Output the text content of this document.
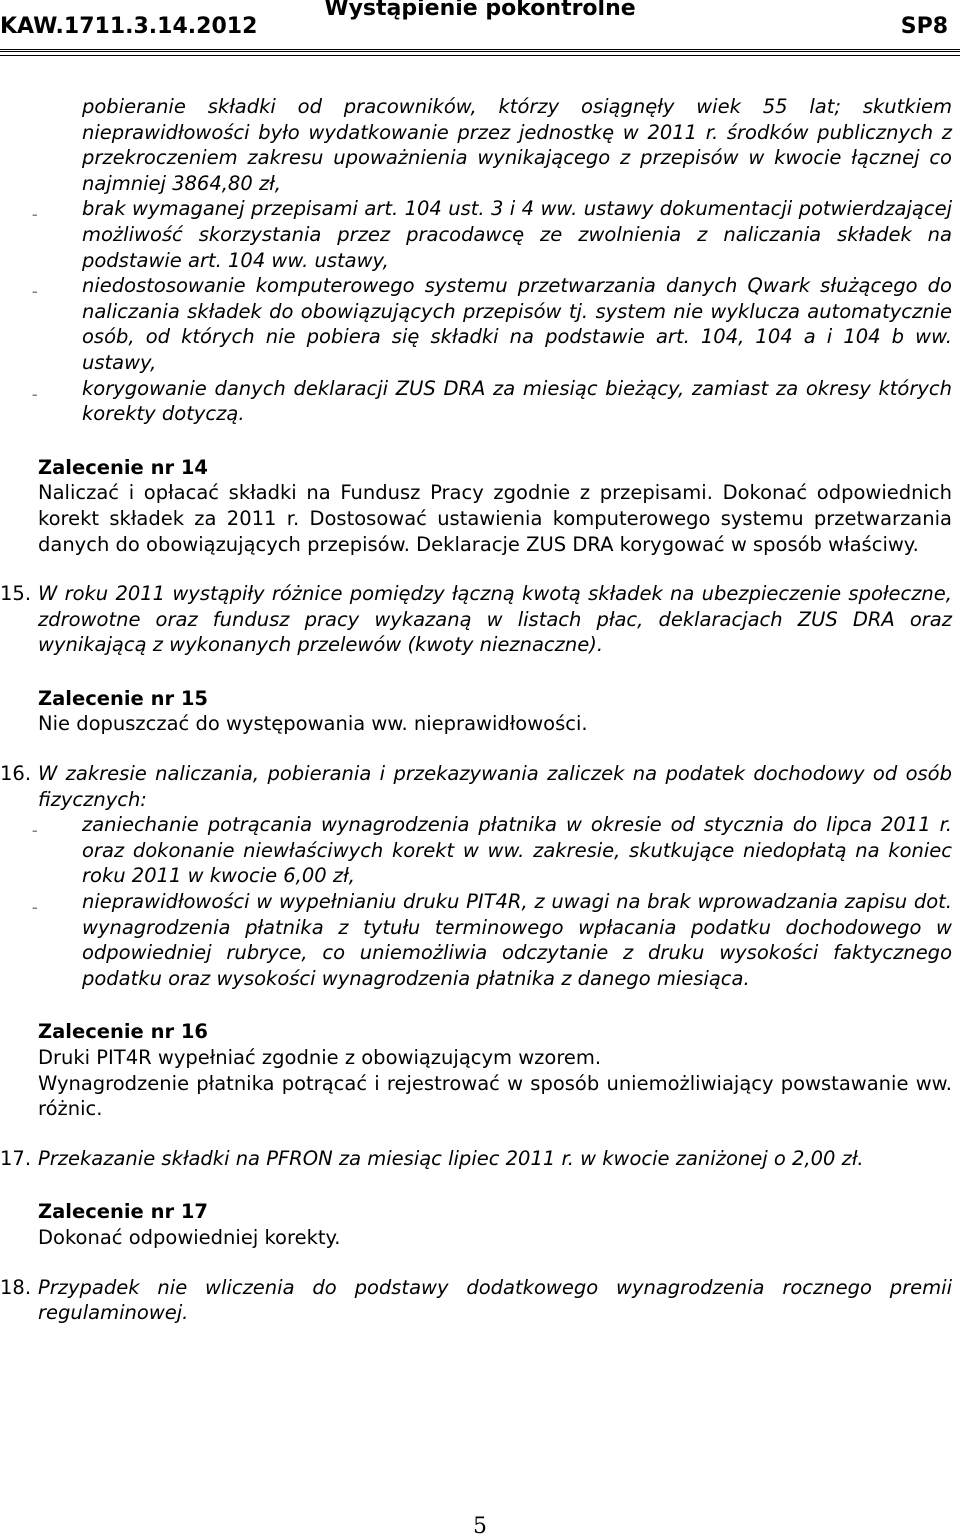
KAW.1711.3.14.2012
Wystąpienie pokontrolne
SP8

pobieranie składki od pracowników, którzy osiągnęły wiek 55 lat; skutkiem nieprawidłowości było wydatkowanie przez jednostkę w 2011 r. środków publicznych z przekroczeniem zakresu upoważnienia wynikającego z przepisów w kwocie łącznej co najmniej 3864,80 zł,

– brak wymaganej przepisami art. 104 ust. 3 i 4 ww. ustawy dokumentacji potwierdzającej możliwość skorzystania przez pracodawcę ze zwolnienia z naliczania składek na podstawie art. 104 ww. ustawy,

– niedostosowanie komputerowego systemu przetwarzania danych Qwark służącego do naliczania składek do obowiązujących przepisów tj. system nie wyklucza automatycznie osób, od których nie pobiera się składki na podstawie art. 104, 104 a i 104 b ww. ustawy,

– korygowanie danych deklaracji ZUS DRA za miesiąc bieżący, zamiast za okresy których korekty dotyczą.

Zalecenie nr 14

Naliczać i opłacać składki na Fundusz Pracy zgodnie z przepisami. Dokonać odpowiednich korekt składek za 2011 r. Dostosować ustawienia komputerowego systemu przetwarzania danych do obowiązujących przepisów. Deklaracje ZUS DRA korygować w sposób właściwy.

15. W roku 2011 wystąpiły różnice pomiędzy łączną kwotą składek na ubezpieczenie społeczne, zdrowotne oraz fundusz pracy wykazaną w listach płac, deklaracjach ZUS DRA oraz wynikającą z wykonanych przelewów (kwoty nieznaczne).

Zalecenie nr 15

Nie dopuszczać do występowania ww. nieprawidłowości.

16. W zakresie naliczania, pobierania i przekazywania zaliczek na podatek dochodowy od osób fizycznych:

– zaniechanie potrącania wynagrodzenia płatnika w okresie od stycznia do lipca 2011 r. oraz dokonanie niewłaściwych korekt w ww. zakresie, skutkujące niedopłatą na koniec roku 2011 w kwocie 6,00 zł,

– nieprawidłowości w wypełnianiu druku PIT4R, z uwagi na brak wprowadzania zapisu dot. wynagrodzenia płatnika z tytułu terminowego wpłacania podatku dochodowego w odpowiedniej rubryce, co uniemożliwia odczytanie z druku wysokości faktycznego podatku oraz wysokości wynagrodzenia płatnika z danego miesiąca.

Zalecenie nr 16

Druki PIT4R wypełniać zgodnie z obowiązującym wzorem.

Wynagrodzenie płatnika potrącać i rejestrować w sposób uniemożliwiający powstawanie ww. różnic.

17. Przekazanie składki na PFRON za miesiąc lipiec 2011 r. w kwocie zaniżonej o 2,00 zł.

Zalecenie nr 17

Dokonać odpowiedniej korekty.

18. Przypadek nie wliczenia do podstawy dodatkowego wynagrodzenia rocznego premii regulaminowej.

5
